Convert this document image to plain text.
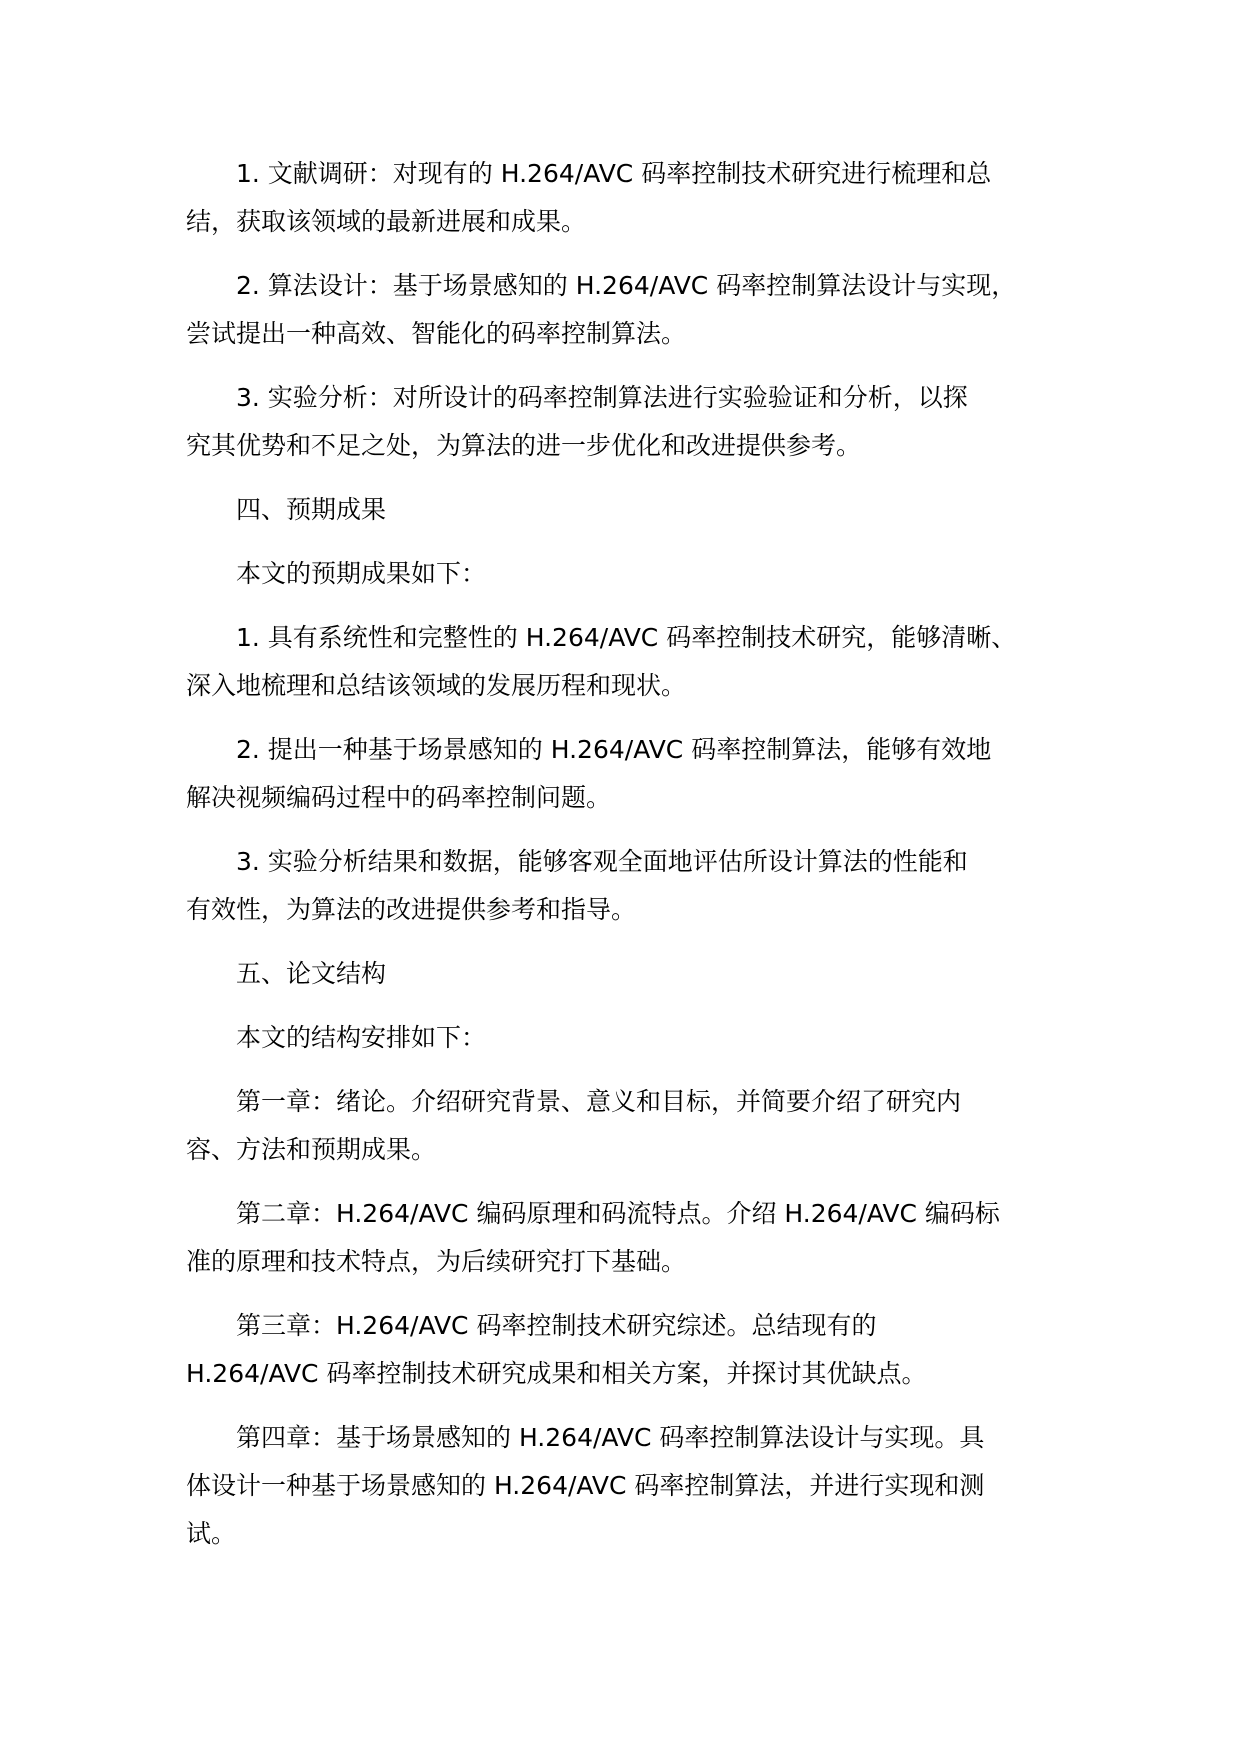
1. 文献调研：对现有的 H.264/AVC 码率控制技术研究进行梳理和总
结，获取该领域的最新进展和成果。

2. 算法设计：基于场景感知的 H.264/AVC 码率控制算法设计与实现，
尝试提出一种高效、智能化的码率控制算法。

3. 实验分析：对所设计的码率控制算法进行实验验证和分析，以探
究其优势和不足之处，为算法的进一步优化和改进提供参考。

四、预期成果

本文的预期成果如下：

1. 具有系统性和完整性的 H.264/AVC 码率控制技术研究，能够清晰、
深入地梳理和总结该领域的发展历程和现状。

2. 提出一种基于场景感知的 H.264/AVC 码率控制算法，能够有效地
解决视频编码过程中的码率控制问题。

3. 实验分析结果和数据，能够客观全面地评估所设计算法的性能和
有效性，为算法的改进提供参考和指导。

五、论文结构

本文的结构安排如下：

第一章：绪论。介绍研究背景、意义和目标，并简要介绍了研究内
容、方法和预期成果。

第二章：H.264/AVC 编码原理和码流特点。介绍 H.264/AVC 编码标
准的原理和技术特点，为后续研究打下基础。

第三章：H.264/AVC 码率控制技术研究综述。总结现有的
H.264/AVC 码率控制技术研究成果和相关方案，并探讨其优缺点。

第四章：基于场景感知的 H.264/AVC 码率控制算法设计与实现。具
体设计一种基于场景感知的 H.264/AVC 码率控制算法，并进行实现和测
试。
